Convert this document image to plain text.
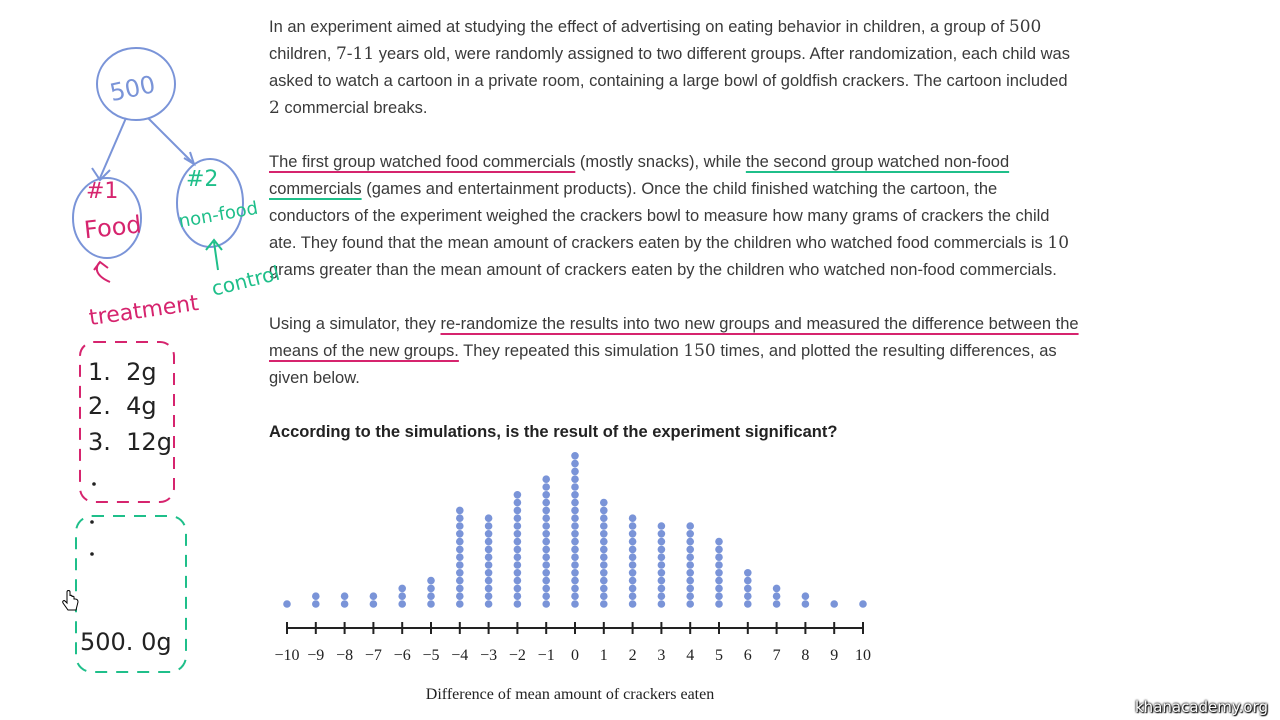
In an experiment aimed at studying the effect of advertising on eating behavior in children, a group of 500 children, 7-11 years old, were randomly assigned to two different groups. After randomization, each child was asked to watch a cartoon in a private room, containing a large bowl of goldfish crackers. The cartoon included 2 commercial breaks.

The first group watched food commercials (mostly snacks), while the second group watched non-food commercials (games and entertainment products). Once the child finished watching the cartoon, the conductors of the experiment weighed the crackers bowl to measure how many grams of crackers the child ate. They found that the mean amount of crackers eaten by the children who watched food commercials is 10 grams greater than the mean amount of crackers eaten by the children who watched non-food commercials.

Using a simulator, they re-randomize the results into two new groups and measured the difference between the means of the new groups. They repeated this simulation 150 times, and plotted the resulting differences, as given below.

According to the simulations, is the result of the experiment significant?

500
#1
Food
#2
non-food
treatment
control
1.  2g
2.  4g
3.  12g
500. 0g	−10 −9 −8 −7 −6 −5 −4 −3 −2 −1 0 1 2 3 4 5 6 7 8 9 10
Difference of mean amount of crackers eaten
khanacademy.org
